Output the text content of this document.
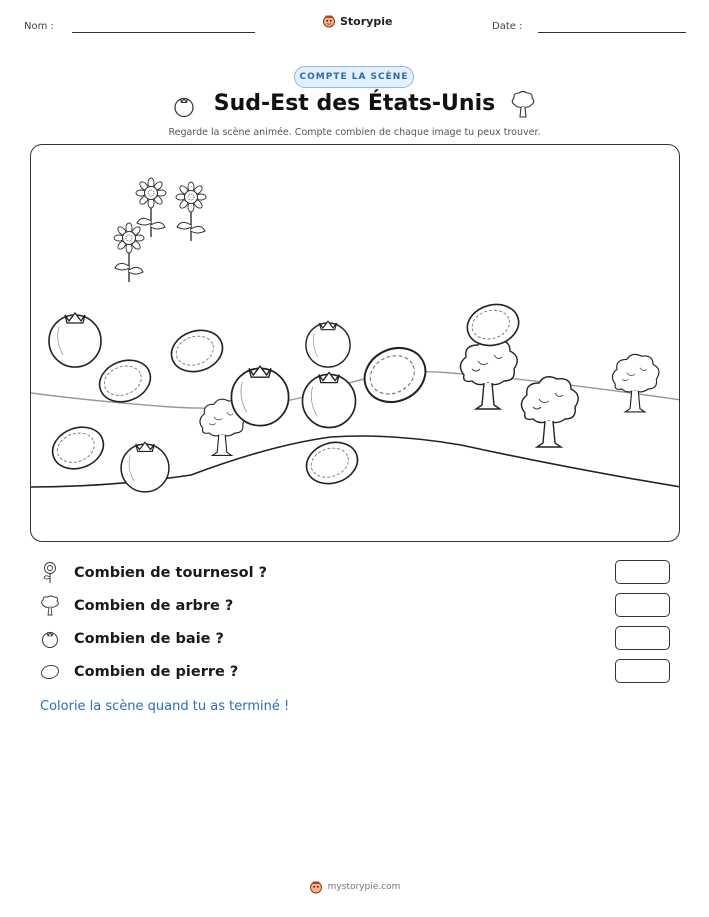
Nom :	Storypie	Date :
COMPTE LA SCÈNE
Sud-Est des États-Unis
Regarde la scène animée. Compte combien de chaque image tu peux trouver.
Combien de tournesol ?
Combien de arbre ?
Combien de baie ?
Combien de pierre ?
Colorie la scène quand tu as terminé !
mystorypie.com
